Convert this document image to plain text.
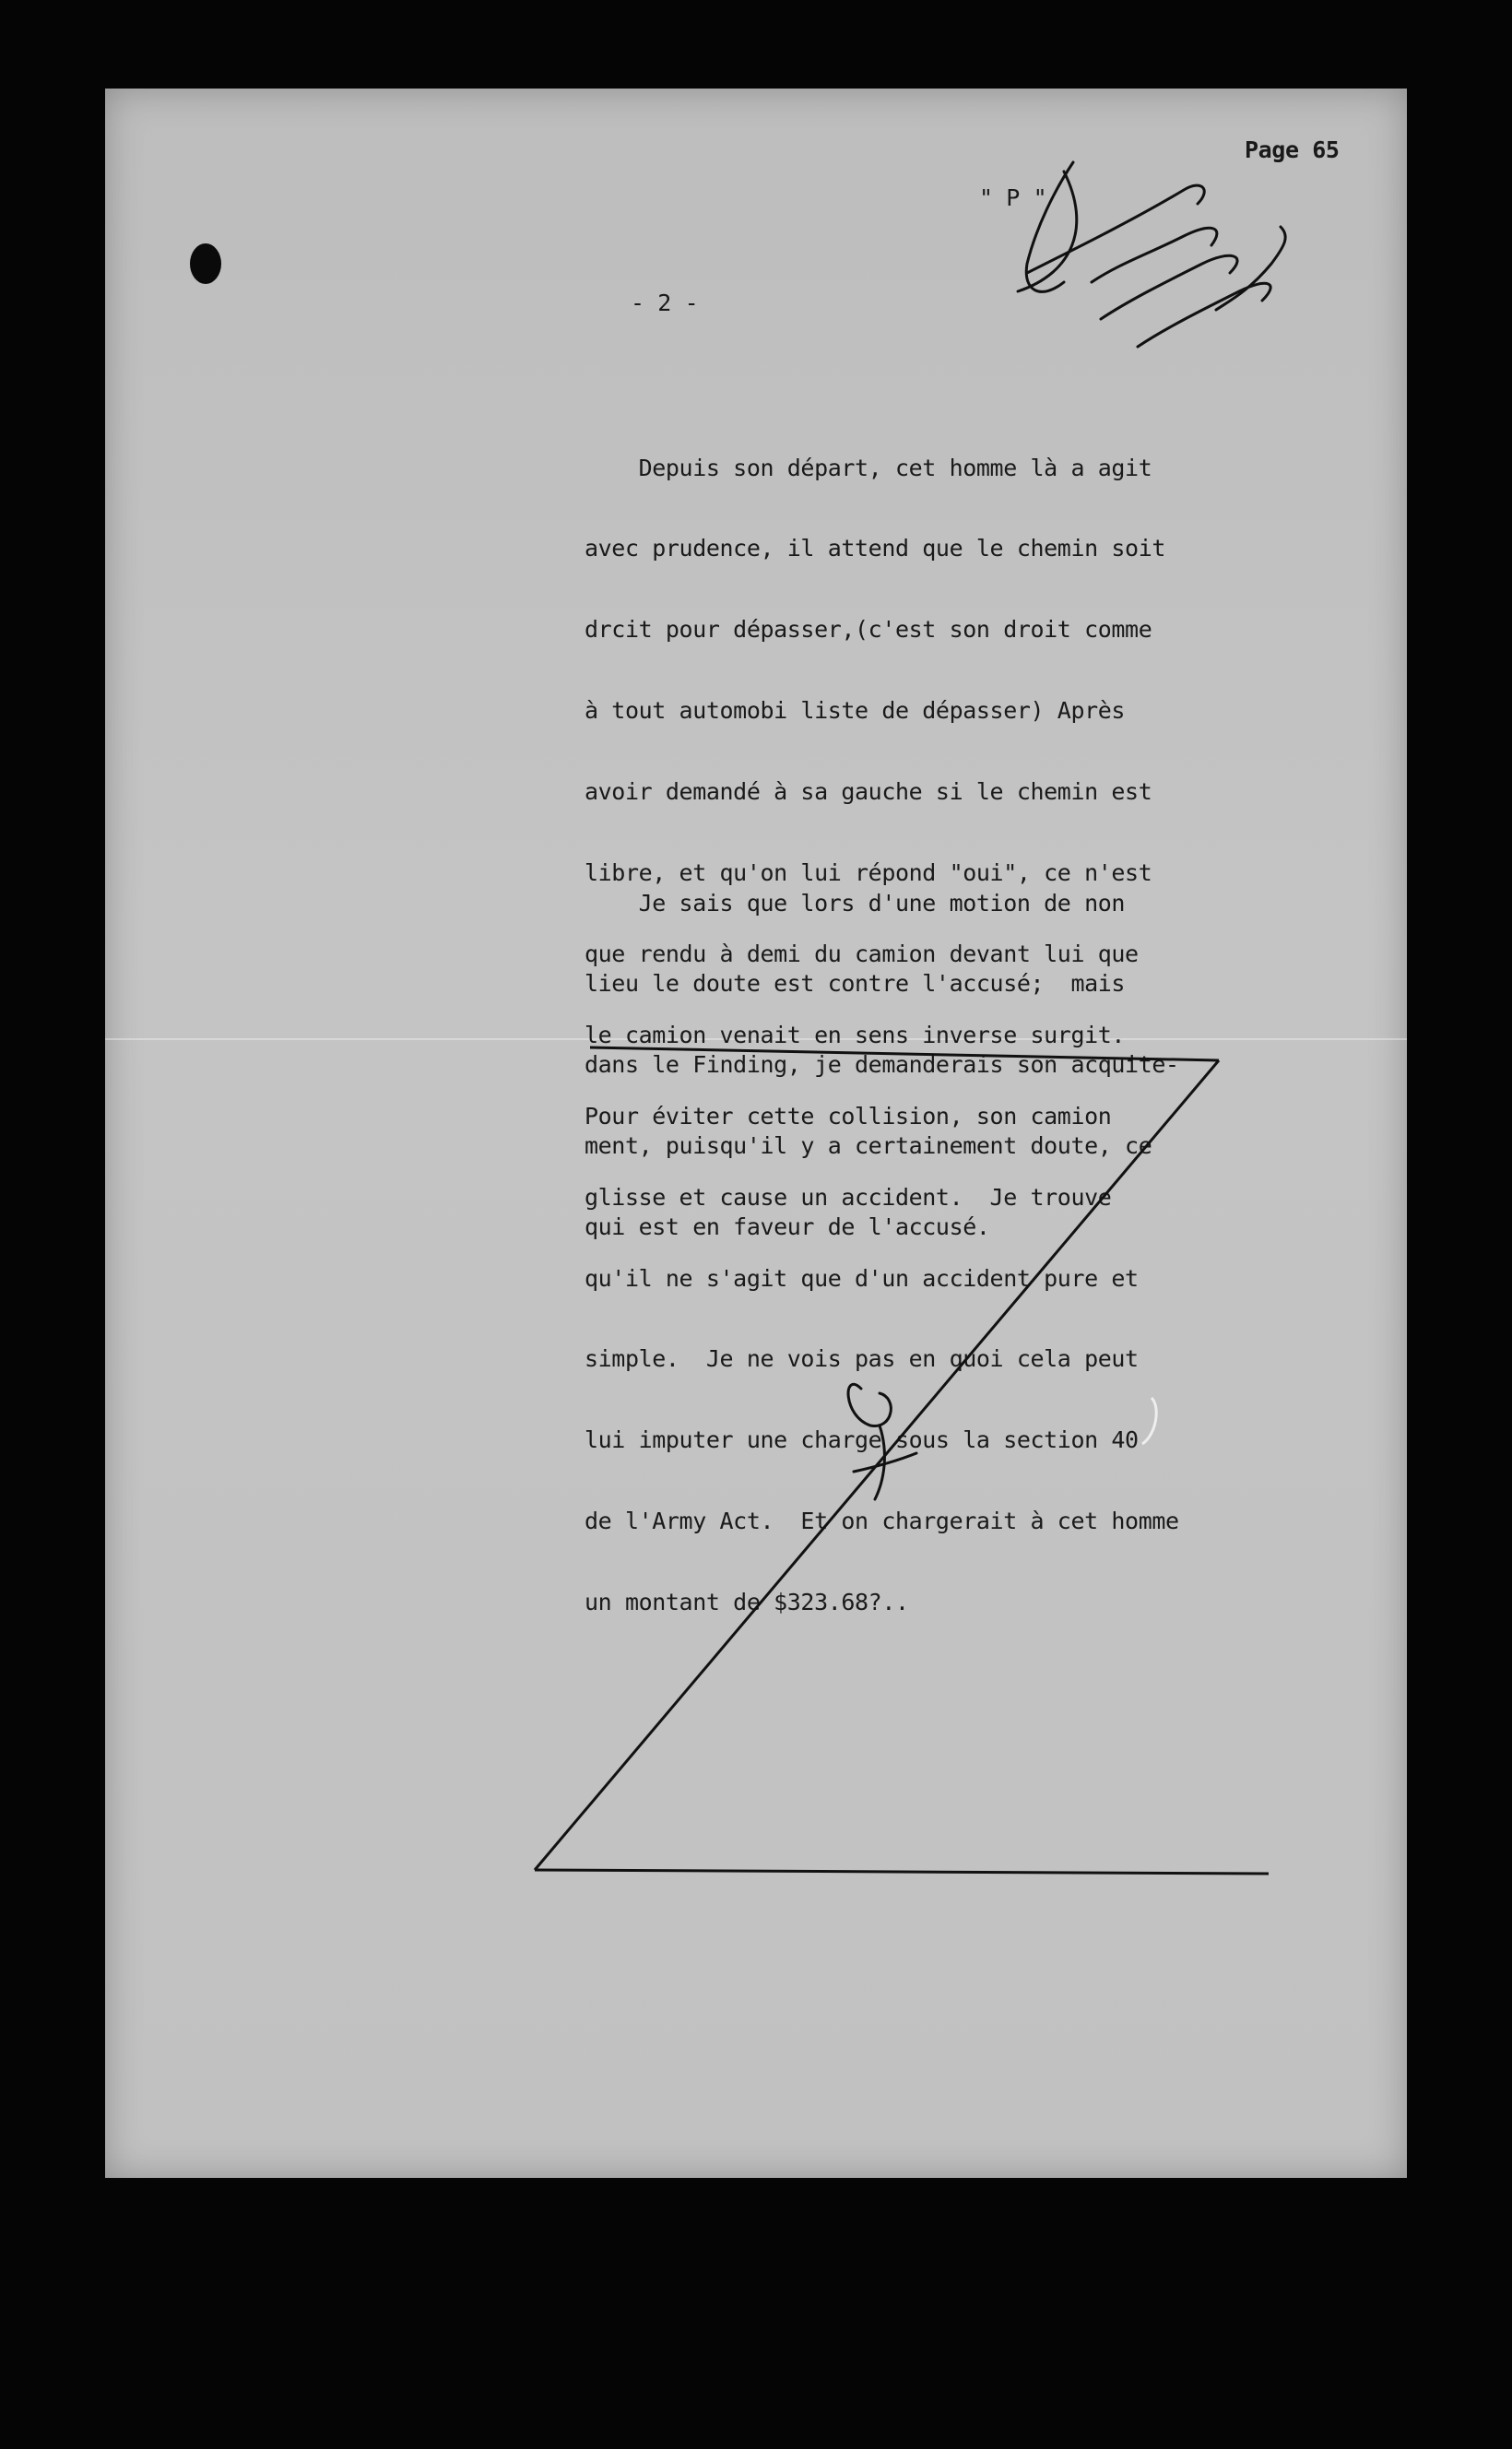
Page 65
" P "
- 2 -

Depuis son départ, cet homme là a agit

avec prudence, il attend que le chemin soit

drcit pour dépasser,(c'est son droit comme

à tout automobi liste de dépasser) Après

avoir demandé à sa gauche si le chemin est

libre, et qu'on lui répond "oui", ce n'est

que rendu à demi du camion devant lui que

le camion venait en sens inverse surgit.

Pour éviter cette collision, son camion

glisse et cause un accident.  Je trouve

qu'il ne s'agit que d'un accident pure et

simple.  Je ne vois pas en quoi cela peut

lui imputer une charge sous la section 40

de l'Army Act.  Et on chargerait à cet homme

un montant de $323.68?..

Je sais que lors d'une motion de non

lieu le doute est contre l'accusé;  mais

dans le Finding, je demanderais son acquite-

ment, puisqu'il y a certainement doute, ce

qui est en faveur de l'accusé.
